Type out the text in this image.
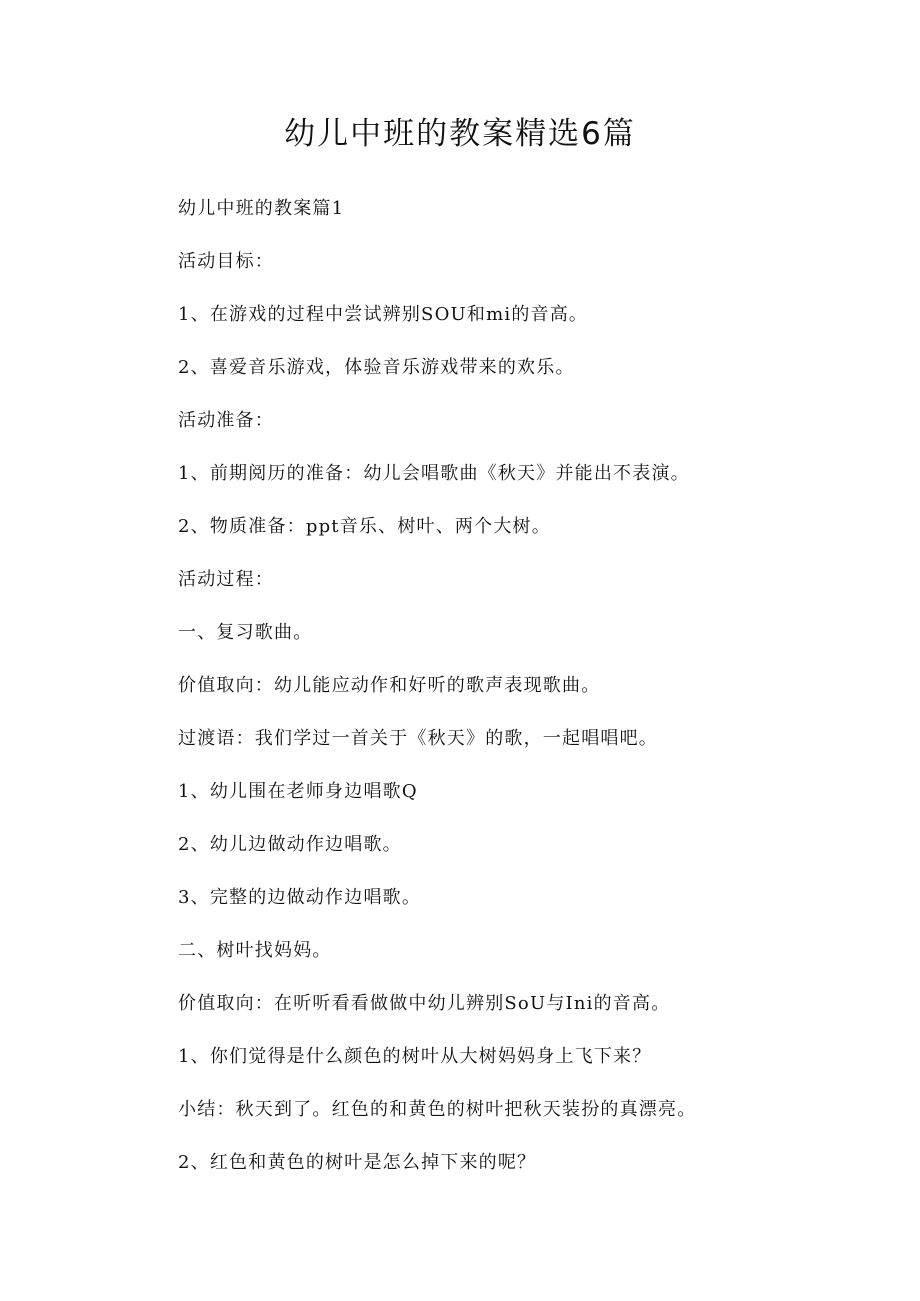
幼儿中班的教案精选6篇
幼儿中班的教案篇1
活动目标：
1、在游戏的过程中尝试辨别SOU和mi的音高。
2、喜爱音乐游戏，体验音乐游戏带来的欢乐。
活动准备：
1、前期阅历的准备：幼儿会唱歌曲《秋天》并能出不表演。
2、物质准备：ppt音乐、树叶、两个大树。
活动过程：
一、复习歌曲。
价值取向：幼儿能应动作和好听的歌声表现歌曲。
过渡语：我们学过一首关于《秋天》的歌，一起唱唱吧。
1、幼儿围在老师身边唱歌Q
2、幼儿边做动作边唱歌。
3、完整的边做动作边唱歌。
二、树叶找妈妈。
价值取向：在听听看看做做中幼儿辨别SoU与Ini的音高。
1、你们觉得是什么颜色的树叶从大树妈妈身上飞下来？
小结：秋天到了。红色的和黄色的树叶把秋天装扮的真漂亮。
2、红色和黄色的树叶是怎么掉下来的呢？
